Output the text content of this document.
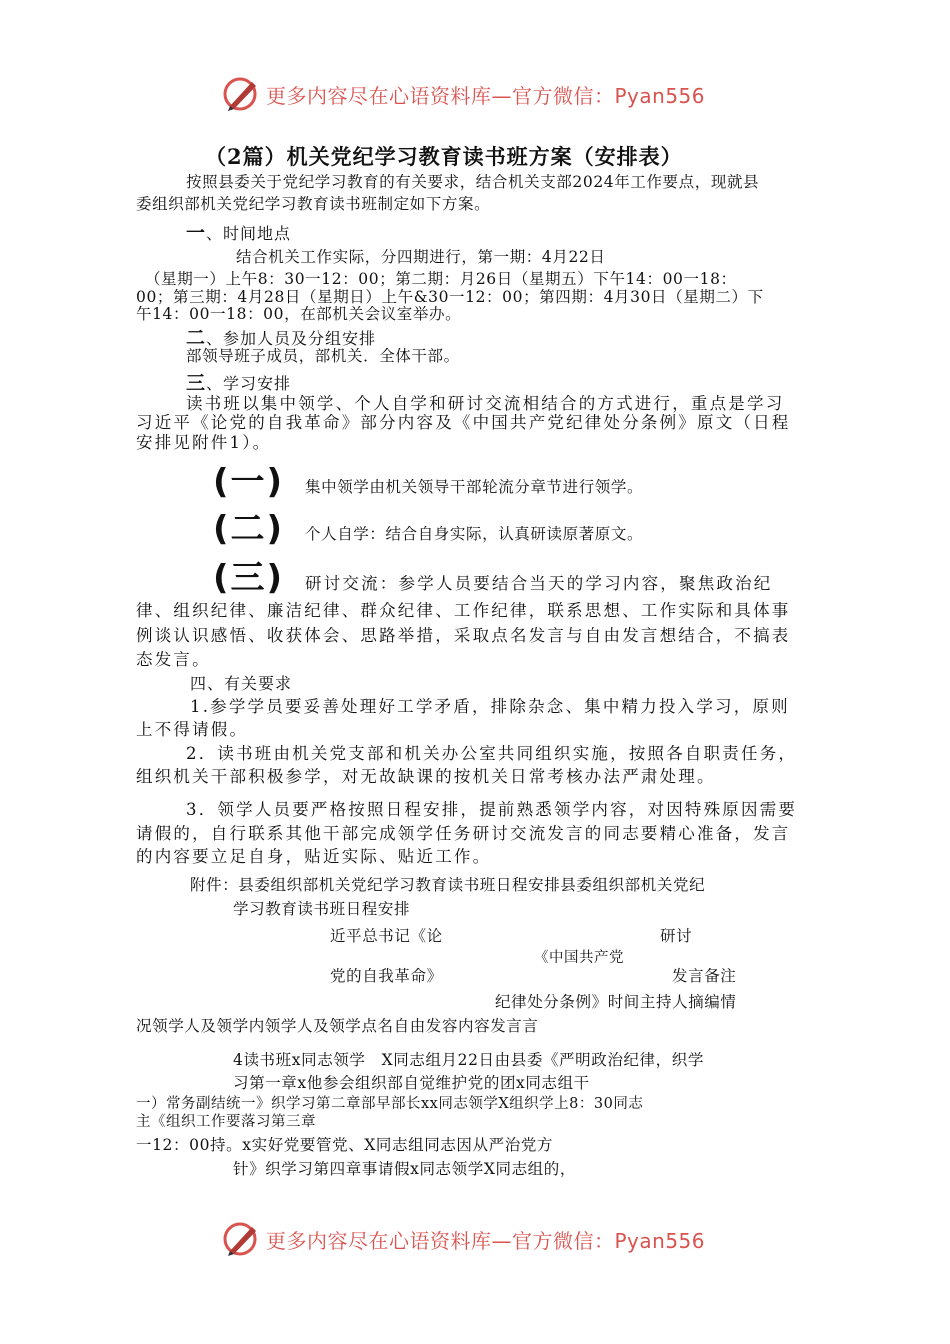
更多内容尽在心语资料库—官方微信：Pyan556
（2篇）机关党纪学习教育读书班方案（安排表）
按照县委关于党纪学习教育的有关要求，结合机关支部2024年工作要点，现就县
委组织部机关党纪学习教育读书班制定如下方案。
一、时间地点
结合机关工作实际，分四期进行，第一期：4月22日
（星期一）上午8：30一12：00；第二期：月26日（星期五）下午14：00一18：
00；第三期：4月28日（星期日）上午&30一12：00；第四期：4月30日（星期二）下
午14：00一18：00，在部机关会议室举办。
二、参加人员及分组安排
部领导班子成员，部机关．全体干部。
三、学习安排
读书班以集中领学、个人自学和研讨交流相结合的方式进行，重点是学习
习近平《论党的自我革命》部分内容及《中国共产党纪律处分条例》原文（日程
安排见附件1）。
(一) 集中领学由机关领导干部轮流分章节进行领学。
(二) 个人自学：结合自身实际，认真研读原著原文。
(三) 研讨交流：参学人员要结合当天的学习内容，聚焦政治纪
律、组织纪律、廉洁纪律、群众纪律、工作纪律，联系思想、工作实际和具体事
例谈认识感悟、收获体会、思路举措，采取点名发言与自由发言想结合，不搞表
态发言。
四、有关要求
1.参学学员要妥善处理好工学矛盾，排除杂念、集中精力投入学习，原则
上不得请假。
2．读书班由机关党支部和机关办公室共同组织实施，按照各自职责任务，
组织机关干部积极参学，对无故缺课的按机关日常考核办法严肃处理。
3．领学人员要严格按照日程安排，提前熟悉领学内容，对因特殊原因需要
请假的，自行联系其他干部完成领学任务研讨交流发言的同志要精心准备，发言
的内容要立足自身，贴近实际、贴近工作。
附件：县委组织部机关党纪学习教育读书班日程安排县委组织部机关党纪
学习教育读书班日程安排
近平总书记《论	研讨
《中国共产党
党的自我革命》	发言备注
纪律处分条例》时间主持人摘编情
况领学人及领学内领学人及领学点名自由发容内容发言言
4读书班x同志领学　X同志组月22日由县委《严明政治纪律，织学
习第一章x他参会组织部自觉维护党的团x同志组干
一）常务副结统一》织学习第二章部早部长xx同志领学X组织学上8：30同志
主《组织工作要落习第三章
一12：00持。x实好党要管党、X同志组同志因从严治党方
针》织学习第四章事请假x同志领学X同志组的，
更多内容尽在心语资料库—官方微信：Pyan556
